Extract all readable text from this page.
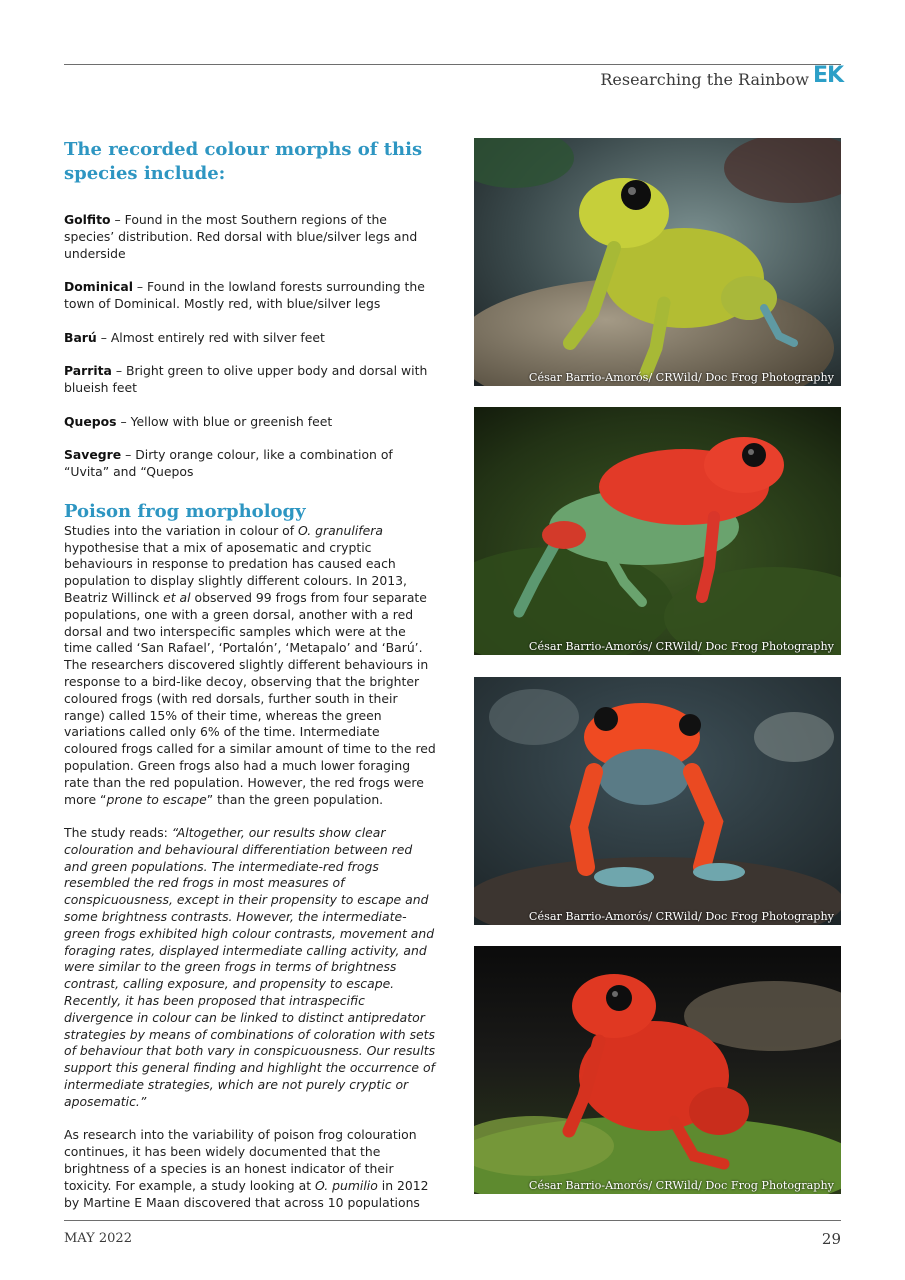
Researching the Rainbow EK
The recorded colour morphs of this species include:

Golfito – Found in the most Southern regions of the species’ distribution. Red dorsal with blue/silver legs and underside

Dominical – Found in the lowland forests surrounding the town of Dominical. Mostly red, with blue/silver legs

Barú – Almost entirely red with silver feet

Parrita – Bright green to olive upper body and dorsal with blueish feet

Quepos – Yellow with blue or greenish feet

Savegre – Dirty orange colour, like a combination of “Uvita” and “Quepos

Poison frog morphology

Studies into the variation in colour of O. granulifera hypothesise that a mix of aposematic and cryptic behaviours in response to predation has caused each population to display slightly different colours. In 2013, Beatriz Willinck et al observed 99 frogs from four separate populations, one with a green dorsal, another with a red dorsal and two interspecific samples which were at the time called ‘San Rafael’, ‘Portalón’, ‘Metapalo’ and ‘Barú’. The researchers discovered slightly different behaviours in response to a bird-like decoy, observing that the brighter coloured frogs (with red dorsals, further south in their range) called 15% of their time, whereas the green variations called only 6% of the time. Intermediate coloured frogs called for a similar amount of time to the red population. Green frogs also had a much lower foraging rate than the red population. However, the red frogs were more “prone to escape” than the green population.

The study reads: “Altogether, our results show clear colouration and behavioural differentiation between red and green populations. The intermediate-red frogs resembled the red frogs in most measures of conspicuousness, except in their propensity to escape and some brightness contrasts. However, the intermediate-green frogs exhibited high colour contrasts, movement and foraging rates, displayed intermediate calling activity, and were similar to the green frogs in terms of brightness contrast, calling exposure, and propensity to escape. Recently, it has been proposed that intraspecific divergence in colour can be linked to distinct antipredator strategies by means of combinations of coloration with sets of behaviour that both vary in conspicuousness. Our results support this general finding and highlight the occurrence of intermediate strategies, which are not purely cryptic or aposematic.”

As research into the variability of poison frog colouration continues, it has been widely documented that the brightness of a species is an honest indicator of their toxicity. For example, a study looking at O. pumilio in 2012 by Martine E Maan discovered that across 10 populations

César Barrio-Amorós/ CRWild/ Doc Frog Photography
César Barrio-Amorós/ CRWild/ Doc Frog Photography
César Barrio-Amorós/ CRWild/ Doc Frog Photography
César Barrio-Amorós/ CRWild/ Doc Frog Photography
MAY 2022	29
